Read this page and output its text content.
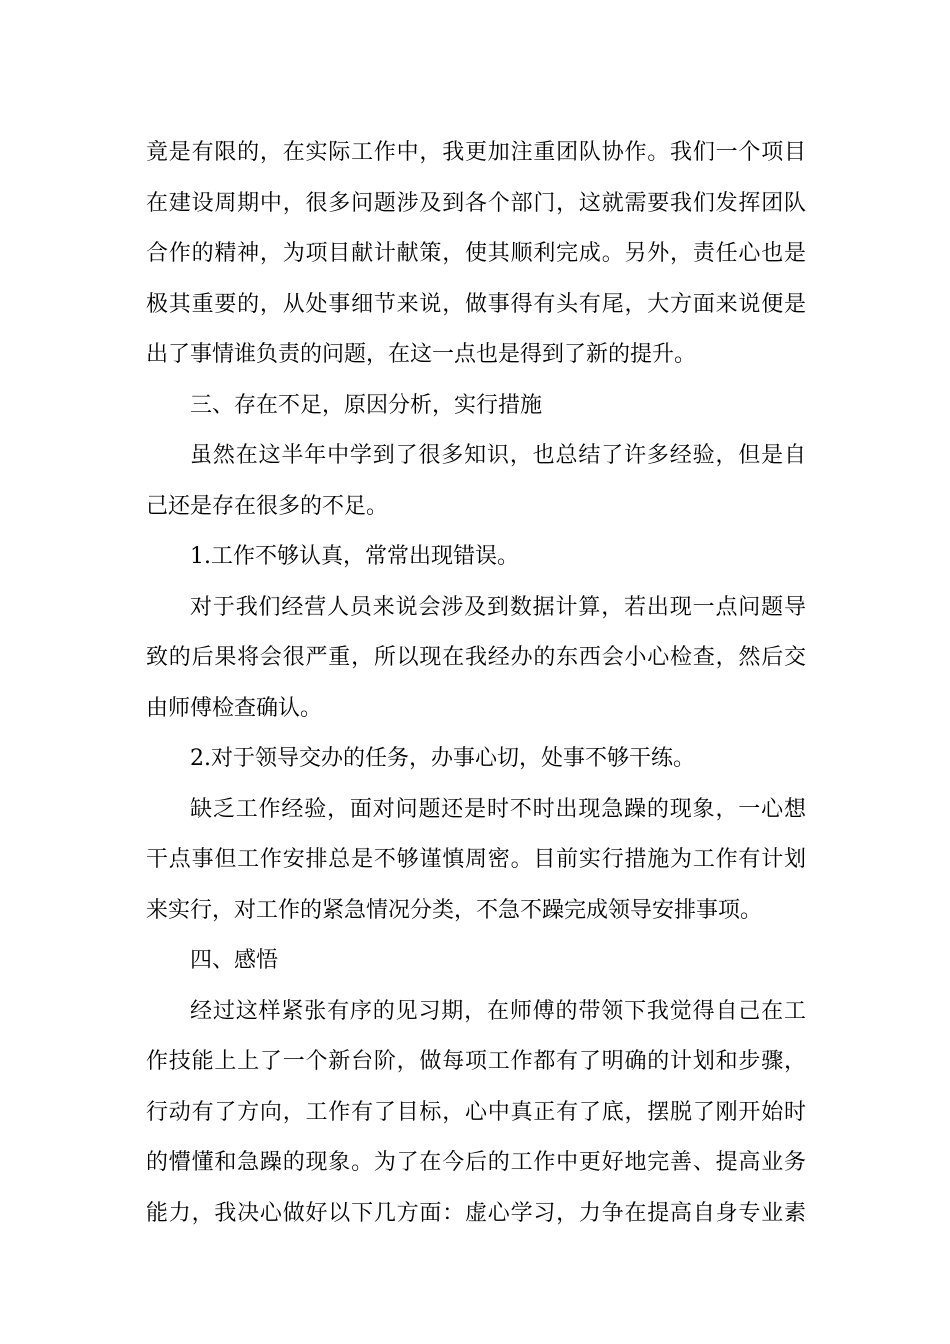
竟是有限的，在实际工作中，我更加注重团队协作。我们一个项目
在建设周期中，很多问题涉及到各个部门，这就需要我们发挥团队
合作的精神，为项目献计献策，使其顺利完成。另外，责任心也是
极其重要的，从处事细节来说，做事得有头有尾，大方面来说便是
出了事情谁负责的问题，在这一点也是得到了新的提升。
三、存在不足，原因分析，实行措施
虽然在这半年中学到了很多知识，也总结了许多经验，但是自
己还是存在很多的不足。
1.工作不够认真，常常出现错误。
对于我们经营人员来说会涉及到数据计算，若出现一点问题导
致的后果将会很严重，所以现在我经办的东西会小心检查，然后交
由师傅检查确认。
2.对于领导交办的任务，办事心切，处事不够干练。
缺乏工作经验，面对问题还是时不时出现急躁的现象，一心想
干点事但工作安排总是不够谨慎周密。目前实行措施为工作有计划
来实行，对工作的紧急情况分类，不急不躁完成领导安排事项。
四、感悟
经过这样紧张有序的见习期，在师傅的带领下我觉得自己在工
作技能上上了一个新台阶，做每项工作都有了明确的计划和步骤，
行动有了方向，工作有了目标，心中真正有了底，摆脱了刚开始时
的懵懂和急躁的现象。为了在今后的工作中更好地完善、提高业务
能力，我决心做好以下几方面：虚心学习，力争在提高自身专业素
